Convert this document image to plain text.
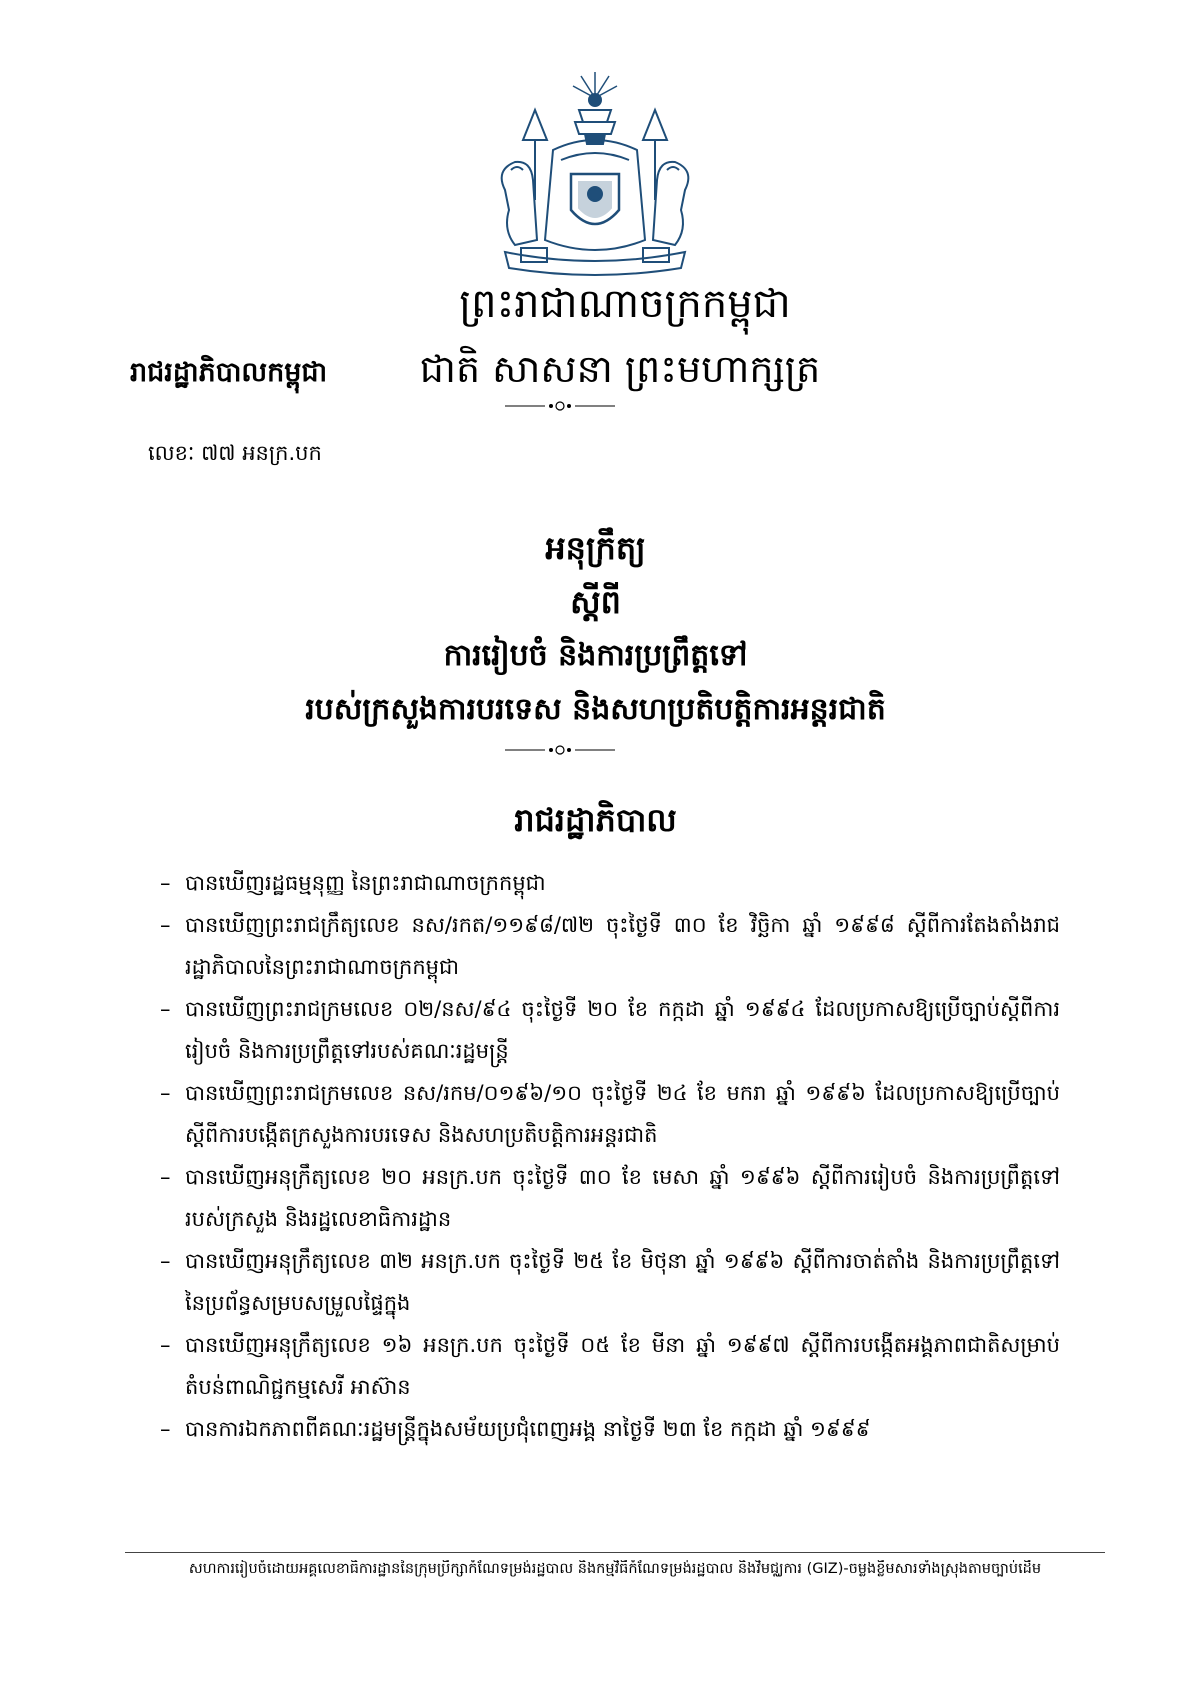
ព្រះរាជាណាចក្រកម្ពុជា
រាជរដ្ឋាភិបាលកម្ពុជា ជាតិ សាសនា ព្រះមហាក្សត្រ
លេខៈ ៧៧ អនក្រ.បក
អនុក្រឹត្យ
ស្ដីពី
ការរៀបចំ និងការប្រព្រឹត្តទៅ
របស់ក្រសួងការបរទេស និងសហប្រតិបត្តិការអន្តរជាតិ
រាជរដ្ឋាភិបាល
– បានឃើញរដ្ឋធម្មនុញ្ញ នៃព្រះរាជាណាចក្រកម្ពុជា
– បានឃើញព្រះរាជក្រឹត្យលេខ នស/រកត/១១៩៨/៧២ ចុះថ្ងៃទី ៣០ ខែ វិច្ឆិកា ឆ្នាំ ១៩៩៨ ស្តីពីការតែងតាំងរាជរដ្ឋាភិបាលនៃព្រះរាជាណាចក្រកម្ពុជា
– បានឃើញព្រះរាជក្រមលេខ ០២/នស/៩៤ ចុះថ្ងៃទី ២០ ខែ កក្កដា ឆ្នាំ ១៩៩៤ ដែលប្រកាសឱ្យប្រើច្បាប់ស្តីពីការរៀបចំ និងការប្រព្រឹត្តទៅរបស់គណៈរដ្ឋមន្ត្រី
– បានឃើញព្រះរាជក្រមលេខ នស/រកម/០១៩៦/១០ ចុះថ្ងៃទី ២៤ ខែ មករា ឆ្នាំ ១៩៩៦ ដែលប្រកាសឱ្យប្រើច្បាប់ស្តីពីការបង្កើតក្រសួងការបរទេស និងសហប្រតិបត្តិការអន្តរជាតិ
– បានឃើញអនុក្រឹត្យលេខ ២០ អនក្រ.បក ចុះថ្ងៃទី ៣០ ខែ មេសា ឆ្នាំ ១៩៩៦ ស្តីពីការរៀបចំ និងការប្រព្រឹត្តទៅរបស់ក្រសួង និងរដ្ឋលេខាធិការដ្ឋាន
– បានឃើញអនុក្រឹត្យលេខ ៣២ អនក្រ.បក ចុះថ្ងៃទី ២៥ ខែ មិថុនា ឆ្នាំ ១៩៩៦ ស្តីពីការចាត់តាំង និងការប្រព្រឹត្តទៅនៃប្រព័ន្ធសម្របសម្រួលផ្ទៃក្នុង
– បានឃើញអនុក្រឹត្យលេខ ១៦ អនក្រ.បក ចុះថ្ងៃទី ០៥ ខែ មីនា ឆ្នាំ ១៩៩៧ ស្តីពីការបង្កើតអង្គភាពជាតិសម្រាប់តំបន់ពាណិជ្ជកម្មសេរី អាស៊ាន
– បានការឯកភាពពីគណៈរដ្ឋមន្ត្រីក្នុងសម័យប្រជុំពេញអង្គ នាថ្ងៃទី ២៣ ខែ កក្កដា ឆ្នាំ ១៩៩៩
សហការរៀបចំដោយអគ្គលេខាធិការដ្ឋាននៃក្រុមប្រឹក្សាកំណែទម្រង់រដ្ឋបាល និងកម្មវិធីកំណែទម្រង់រដ្ឋបាល និងវិមជ្ឈការ (GIZ)-ចម្លងខ្លឹមសារទាំងស្រុងតាមច្បាប់ដើម
